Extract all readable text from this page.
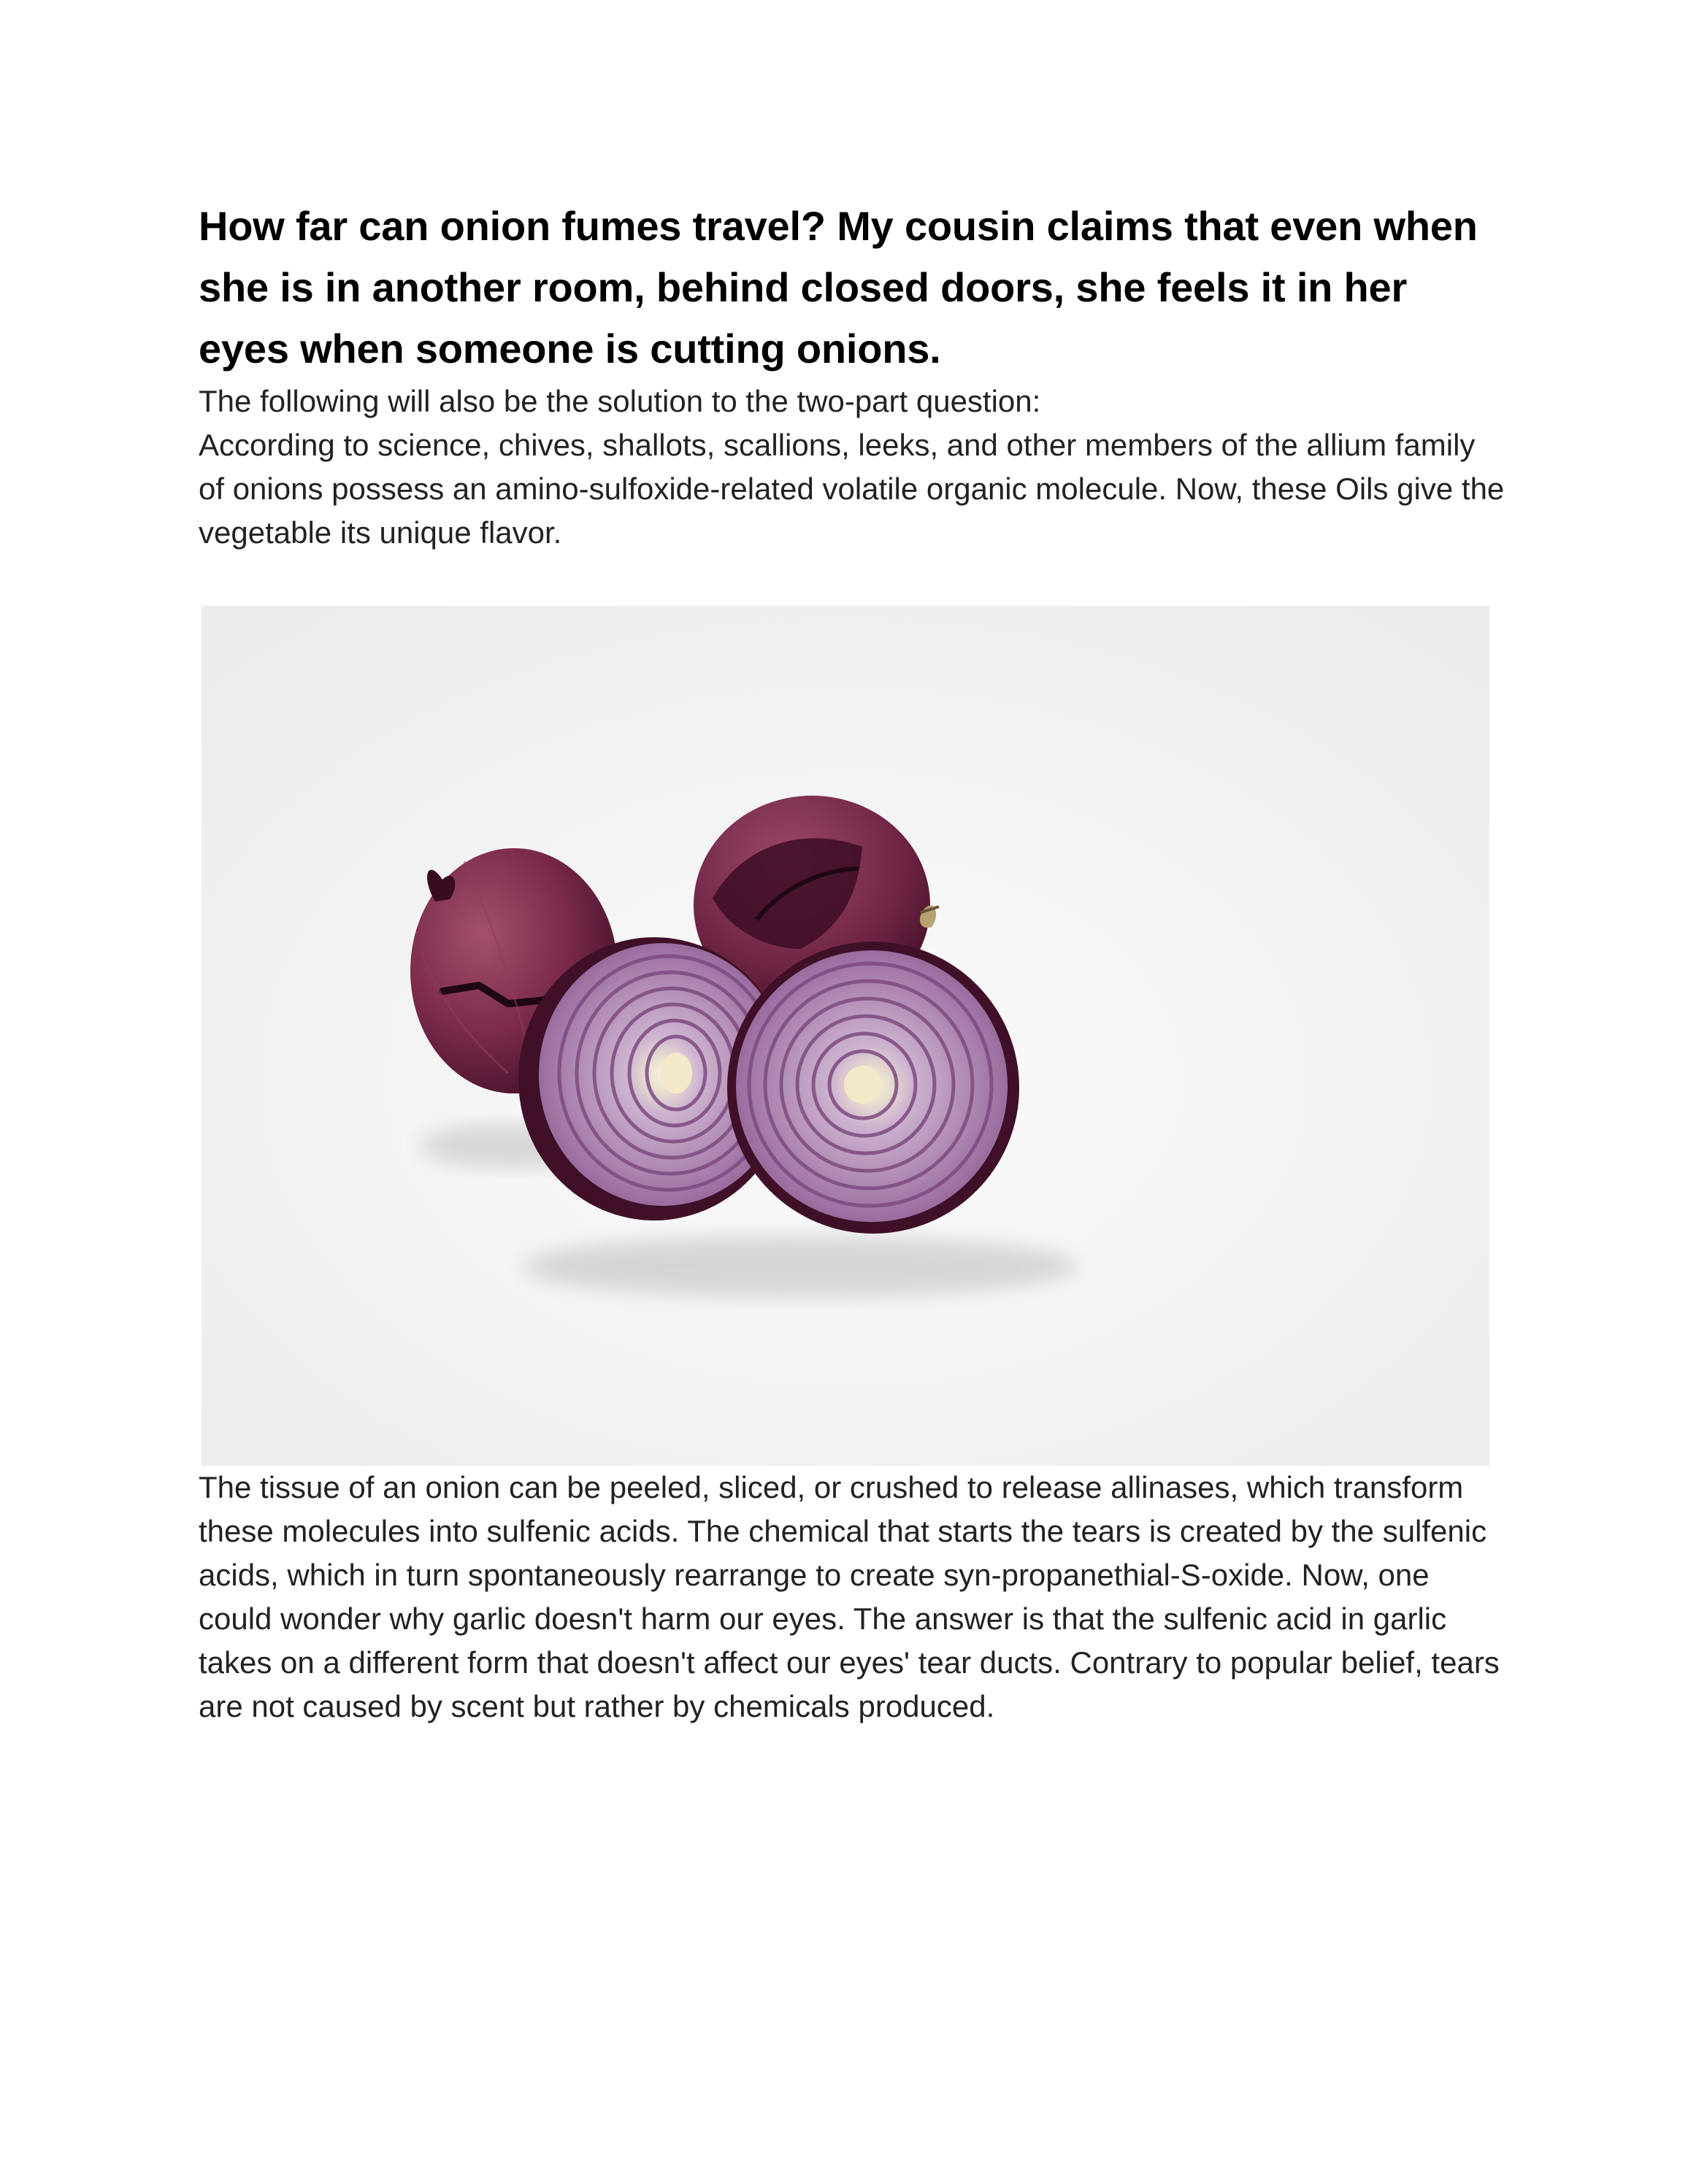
How far can onion fumes travel? My cousin claims that even when she is in another room, behind closed doors, she feels it in her eyes when someone is cutting onions.

The following will also be the solution to the two-part question:

According to science, chives, shallots, scallions, leeks, and other members of the allium family of onions possess an amino-sulfoxide-related volatile organic molecule. Now, these Oils give the vegetable its unique flavor.

The tissue of an onion can be peeled, sliced, or crushed to release allinases, which transform these molecules into sulfenic acids. The chemical that starts the tears is created by the sulfenic acids, which in turn spontaneously rearrange to create syn-propanethial-S-oxide. Now, one could wonder why garlic doesn't harm our eyes. The answer is that the sulfenic acid in garlic takes on a different form that doesn't affect our eyes' tear ducts. Contrary to popular belief, tears are not caused by scent but rather by chemicals produced.
